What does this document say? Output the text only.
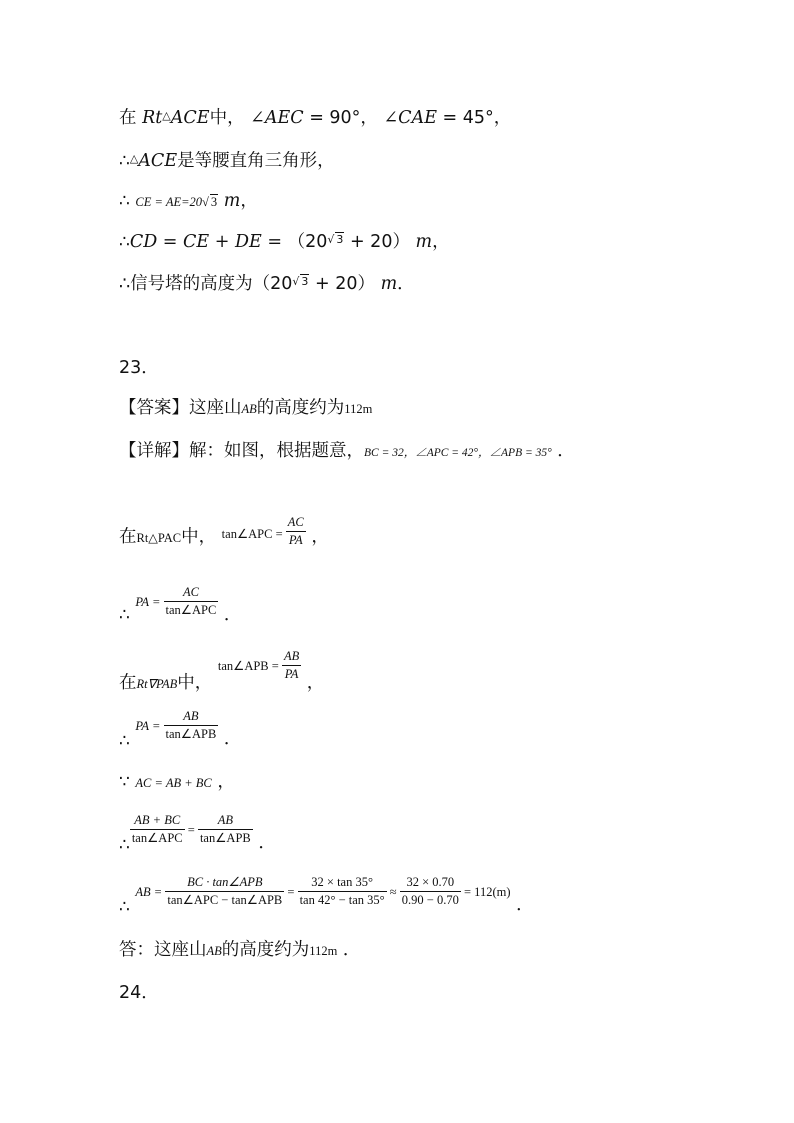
在 Rt△ACE中， ∠AEC = 90°， ∠CAE = 45°，
∴△ACE是等腰直角三角形，
∴ CE = AE=20√ 3 m，
∴CD = CE + DE = $(20^{√ 3} + 20)$ m，
∴信号塔的高度为$(20^{√ 3} + 20)$ m．
23．
【答案】这座山AB的高度约为112m
【详解】解：如图，根据题意，BC = 32，∠APC = 42°，∠APB = 35° ．
在Rt△PAC中， $^{tan\angle APC =} \frac{AC}{PA}$ ，
∴ PA = $\frac{AC}{\text{tan∠APC}}$ ．
在$_{Rt\nabla PAB}$中， tan∠APB = $\frac{AB}{PA}$
，
∴ PA = $\frac{AB}{\text{tan∠APB}}$ ．
∵ AC = AB + BC ，
∴
$\frac{AB + BC}{\text{tan∠APC}} = \frac{AB}{\text{tan∠APB}}$ ．
∴ AB = $\frac{\text{BC · tan∠APB}}{\text{tan∠APC − tan∠APB}} = \frac{32 \times \tan 35^\circ}{\tan 42^\circ - \tan 35^\circ} \approx \frac{32 \times 0.70}{0.90 - 0.70} = 112(m)$ ．
答：这座山AB的高度约为112m ．
24．
